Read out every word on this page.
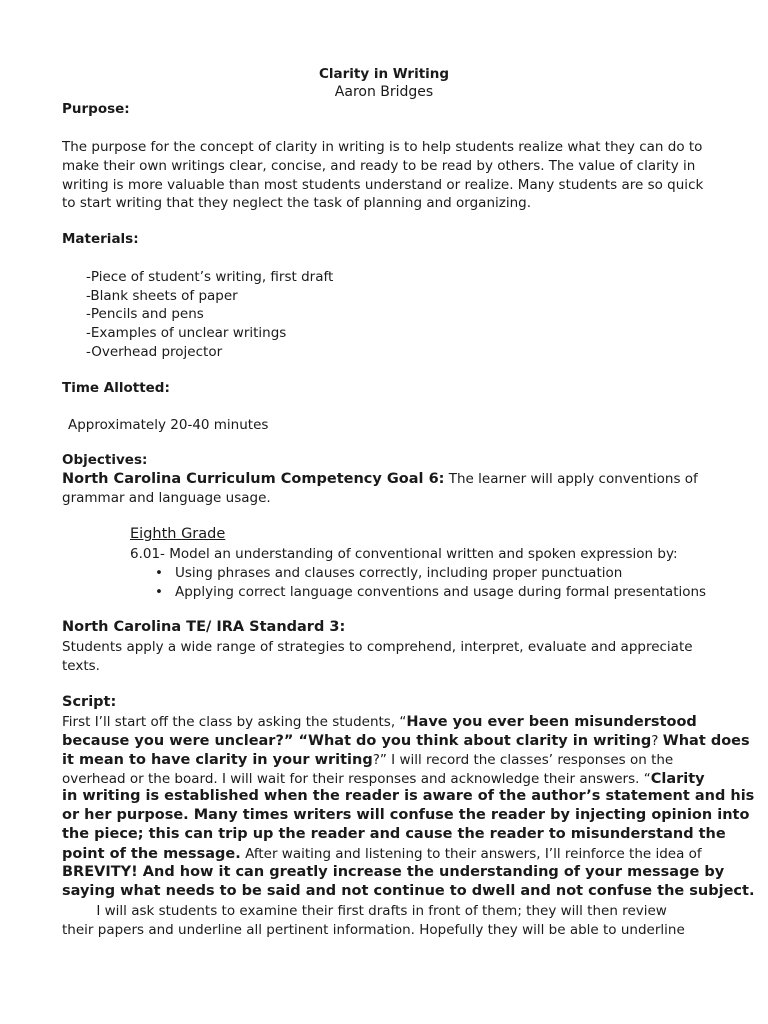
Clarity in Writing
Aaron Bridges
Purpose:
The purpose for the concept of clarity in writing is to help students realize what they can do to
make their own writings clear, concise, and ready to be read by others. The value of clarity in
writing is more valuable than most students understand or realize. Many students are so quick
to start writing that they neglect the task of planning and organizing.
Materials:
-Piece of student’s writing, first draft
-Blank sheets of paper
-Pencils and pens
-Examples of unclear writings
-Overhead projector
Time Allotted:
Approximately 20-40 minutes
Objectives:
North Carolina Curriculum Competency Goal 6: The learner will apply conventions of
grammar and language usage.
Eighth Grade
6.01- Model an understanding of conventional written and spoken expression by:
• Using phrases and clauses correctly, including proper punctuation
• Applying correct language conventions and usage during formal presentations
North Carolina TE/ IRA Standard 3:
Students apply a wide range of strategies to comprehend, interpret, evaluate and appreciate
texts.
Script:
First I’ll start off the class by asking the students, “Have you ever been misunderstood
because you were unclear?” “What do you think about clarity in writing? What does
it mean to have clarity in your writing?” I will record the classes’ responses on the
overhead or the board. I will wait for their responses and acknowledge their answers. “Clarity
in writing is established when the reader is aware of the author’s statement and his
or her purpose. Many times writers will confuse the reader by injecting opinion into
the piece; this can trip up the reader and cause the reader to misunderstand the
point of the message. After waiting and listening to their answers, I’ll reinforce the idea of
BREVITY! And how it can greatly increase the understanding of your message by
saying what needs to be said and not continue to dwell and not confuse the subject.
I will ask students to examine their first drafts in front of them; they will then review
their papers and underline all pertinent information. Hopefully they will be able to underline
